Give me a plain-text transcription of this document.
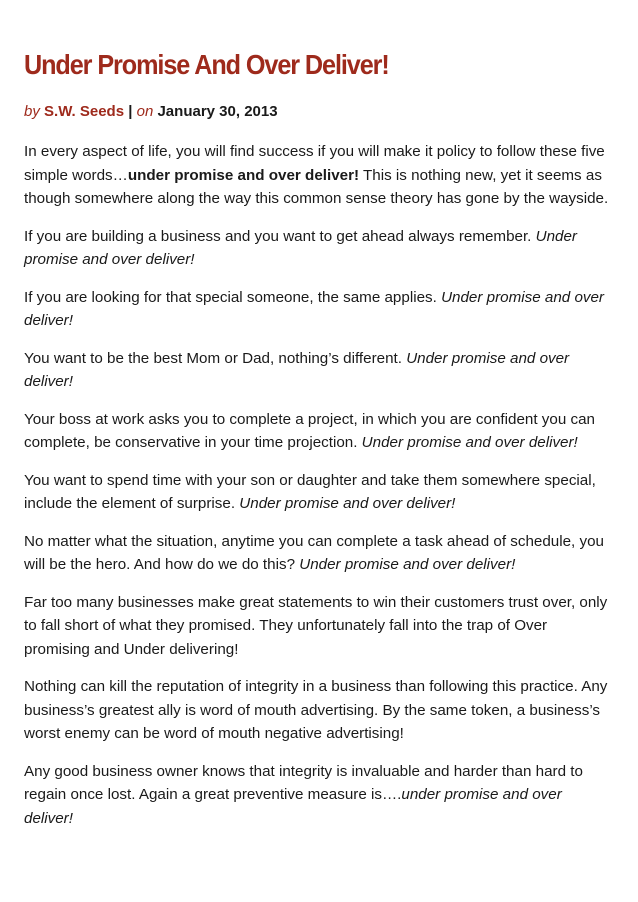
Under Promise And Over Deliver!

by S.W. Seeds | on January 30, 2013

In every aspect of life, you will find success if you will make it policy to follow these five simple words…under promise and over deliver! This is nothing new, yet it seems as though somewhere along the way this common sense theory has gone by the wayside.

If you are building a business and you want to get ahead always remember. Under promise and over deliver!

If you are looking for that special someone, the same applies. Under promise and over deliver!

You want to be the best Mom or Dad, nothing’s different. Under promise and over deliver!

Your boss at work asks you to complete a project, in which you are confident you can complete, be conservative in your time projection. Under promise and over deliver!

You want to spend time with your son or daughter and take them somewhere special, include the element of surprise. Under promise and over deliver!

No matter what the situation, anytime you can complete a task ahead of schedule, you will be the hero. And how do we do this? Under promise and over deliver!

Far too many businesses make great statements to win their customers trust over, only to fall short of what they promised. They unfortunately fall into the trap of Over promising and Under delivering!

Nothing can kill the reputation of integrity in a business than following this practice. Any business’s greatest ally is word of mouth advertising. By the same token, a business’s worst enemy can be word of mouth negative advertising!

Any good business owner knows that integrity is invaluable and harder than hard to regain once lost. Again a great preventive measure is….under promise and over deliver!
